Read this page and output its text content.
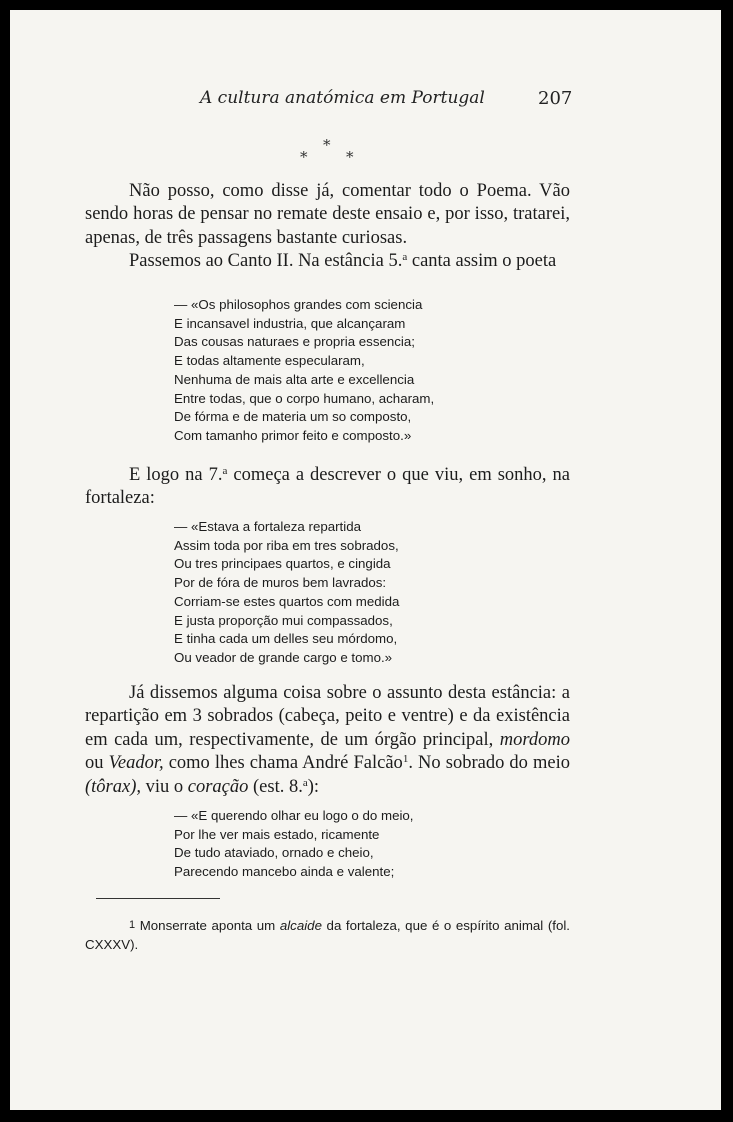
A cultura anatómica em Portugal	207
*
*	*

Não posso, como disse já, comentar todo o Poema. Vão sendo horas de pensar no remate deste ensaio e, por isso, tratarei, apenas, de três passagens bastante curiosas.

Passemos ao Canto II. Na estância 5.$^a$ canta assim o poeta

— «Os philosophos grandes com sciencia
E incansavel industria, que alcançaram
Das cousas naturaes e propria essencia;
E todas altamente especularam,
Nenhuma de mais alta arte e excellencia
Entre todas, que o corpo humano, acharam,
De fórma e de materia um so composto,
Com tamanho primor feito e composto.»

E logo na 7.$^a$ começa a descrever o que viu, em sonho, na fortaleza:

— «Estava a fortaleza repartida
Assim toda por riba em tres sobrados,
Ou tres principaes quartos, e cingida
Por de fóra de muros bem lavrados:
Corriam-se estes quartos com medida
E justa proporção mui compassados,
E tinha cada um delles seu mórdomo,
Ou veador de grande cargo e tomo.»

Já dissemos alguma coisa sobre o assunto desta estância: a repartição em 3 sobrados (cabeça, peito e ventre) e da existência em cada um, respectivamente, de um órgão principal, mordomo ou Veador, como lhes chama André Falcão$^1$. No sobrado do meio (tôrax), viu o coração (est. 8.$^a$):

— «E querendo olhar eu logo o do meio,
Por lhe ver mais estado, ricamente
De tudo ataviado, ornado e cheio,
Parecendo mancebo ainda e valente;
1 Monserrate aponta um alcaide da fortaleza, que é o espírito animal (fol. CXXXV).
